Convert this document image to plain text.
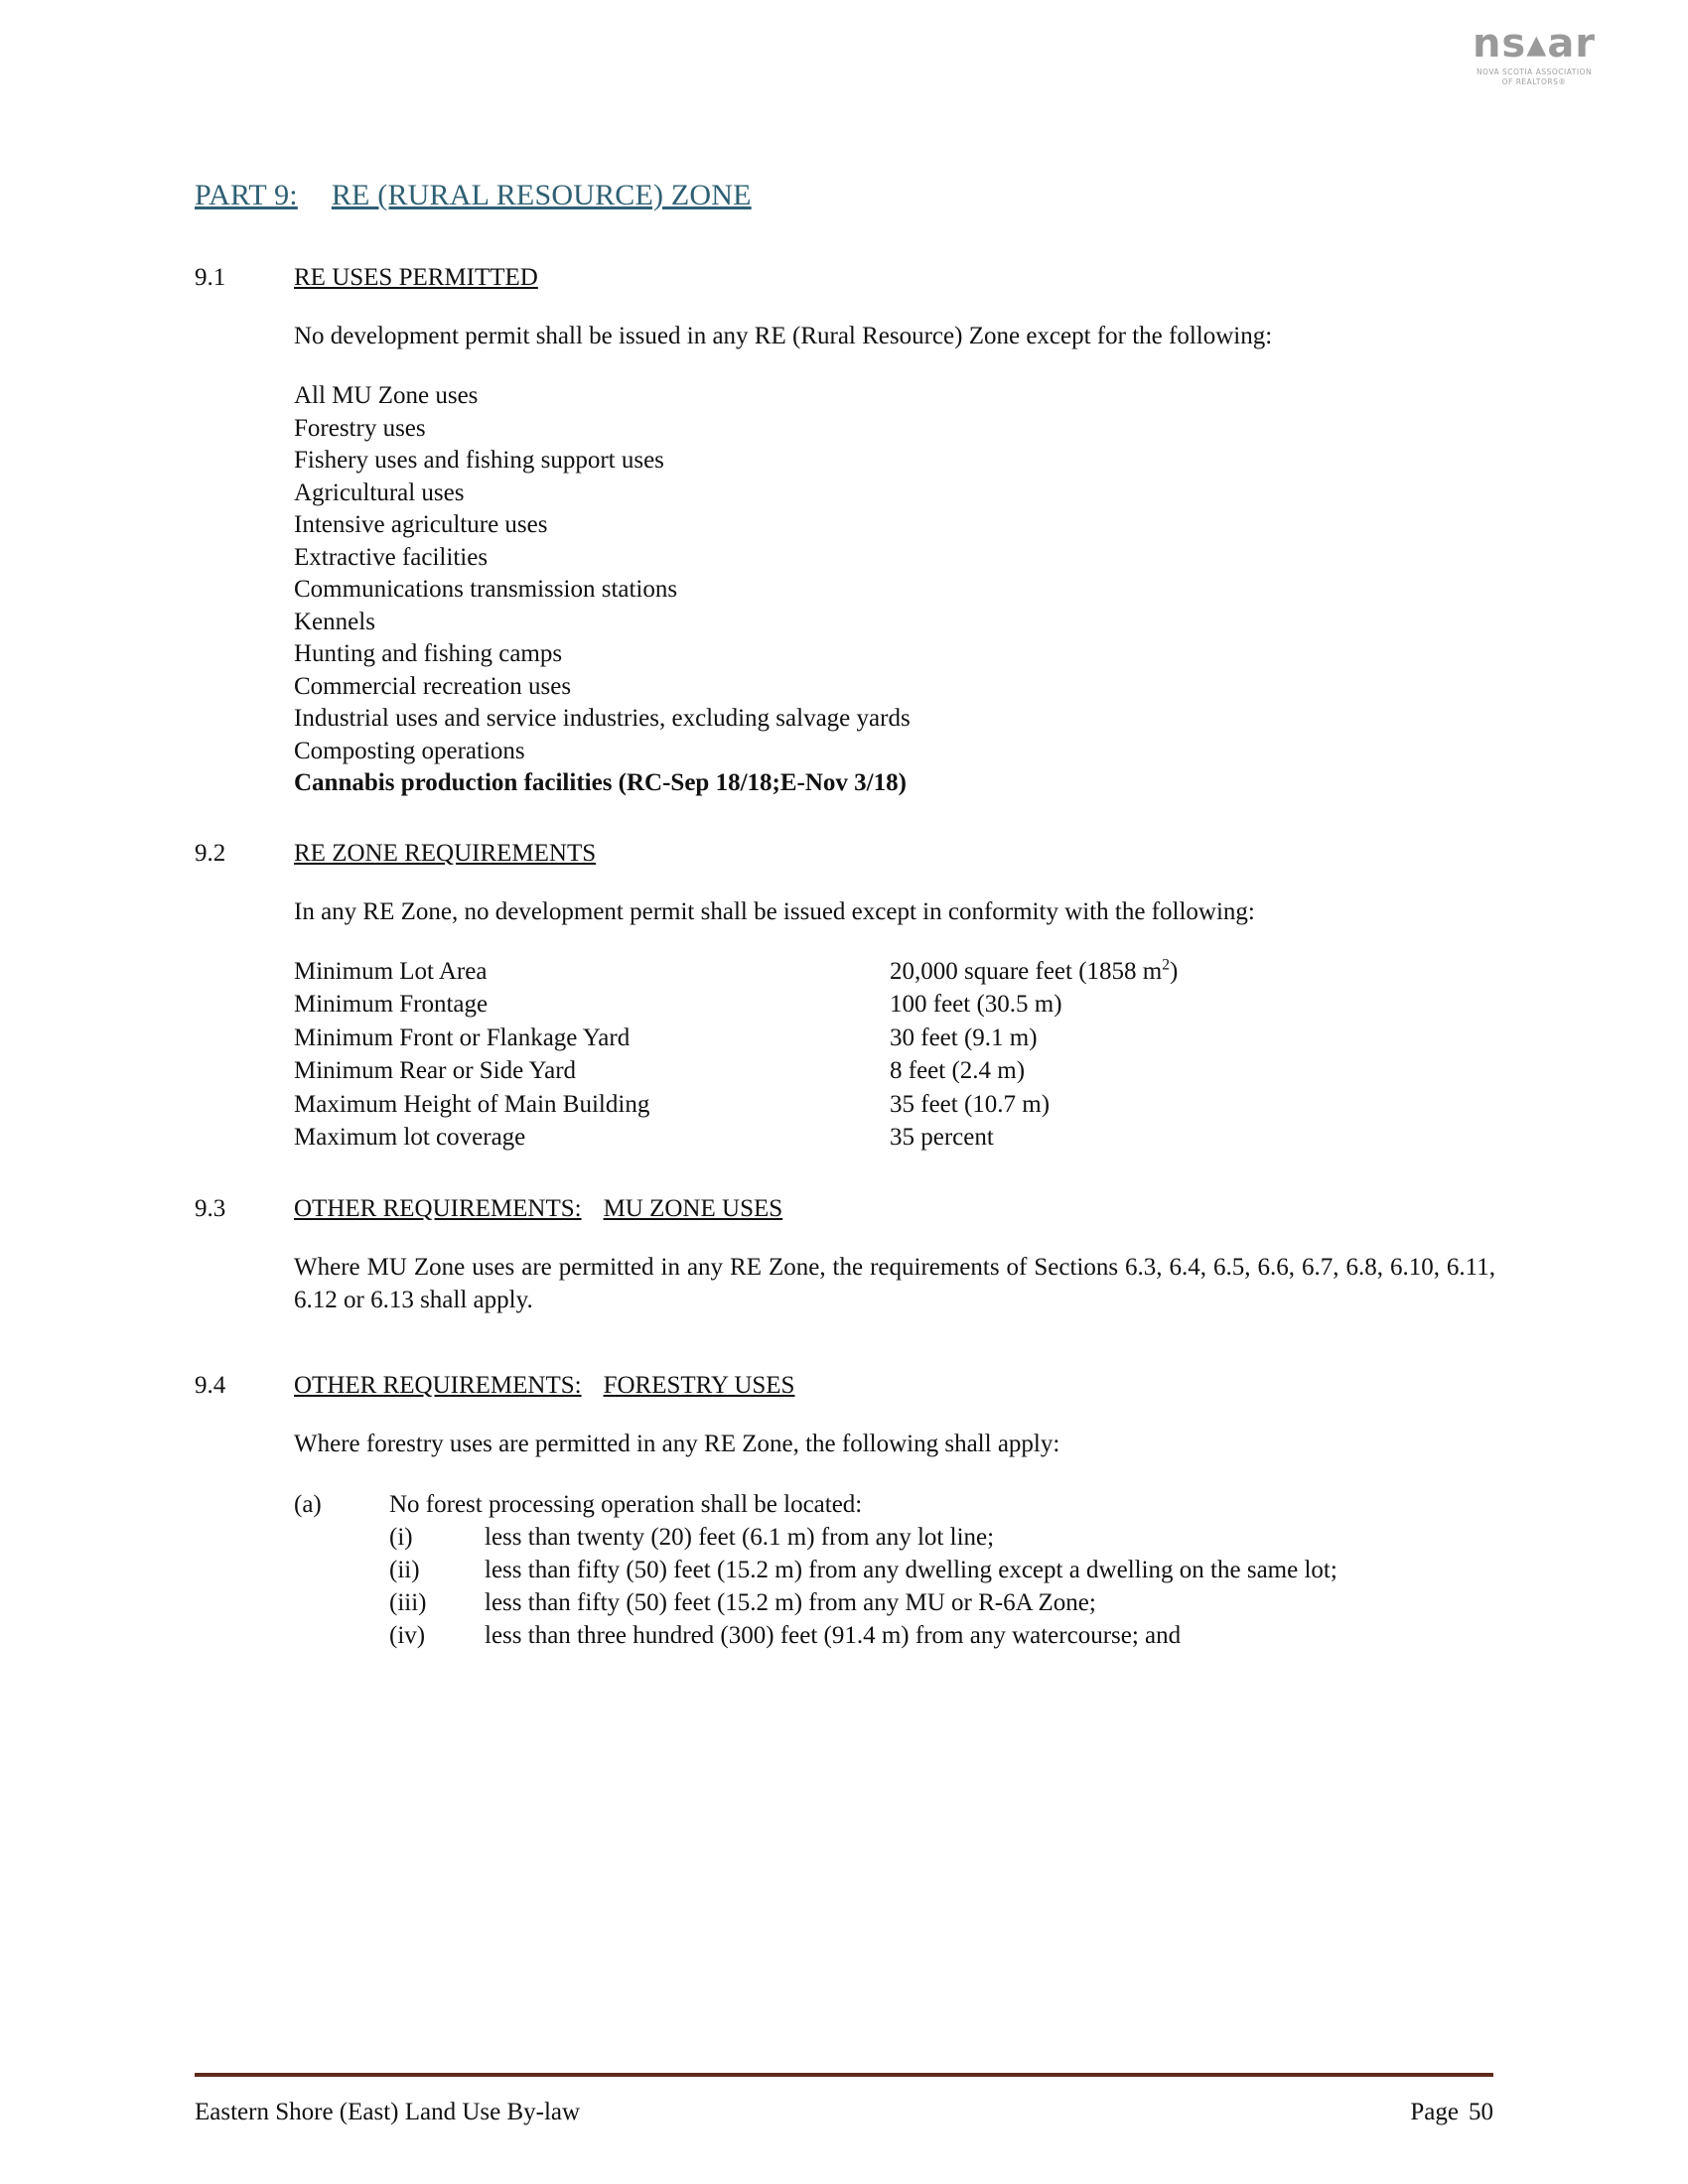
ns▴ar
NOVA SCOTIA ASSOCIATION
OF REALTORS®
PART 9: RE (RURAL RESOURCE) ZONE
9.1	RE USES PERMITTED

No development permit shall be issued in any RE (Rural Resource) Zone except for the following:

All MU Zone uses
Forestry uses
Fishery uses and fishing support uses
Agricultural uses
Intensive agriculture uses
Extractive facilities
Communications transmission stations
Kennels
Hunting and fishing camps
Commercial recreation uses
Industrial uses and service industries, excluding salvage yards
Composting operations
Cannabis production facilities (RC-Sep 18/18;E-Nov 3/18)
9.2	RE ZONE REQUIREMENTS

In any RE Zone, no development permit shall be issued except in conformity with the following:

Minimum Lot Area	20,000 square feet (1858 $m^2$)
Minimum Frontage	100 feet (30.5 m)
Minimum Front or Flankage Yard	30 feet (9.1 m)
Minimum Rear or Side Yard	8 feet (2.4 m)
Maximum Height of Main Building	35 feet (10.7 m)
Maximum lot coverage	35 percent
9.3	OTHER REQUIREMENTS: MU ZONE USES

Where MU Zone uses are permitted in any RE Zone, the requirements of Sections 6.3, 6.4, 6.5, 6.6, 6.7, 6.8, 6.10, 6.11, 6.12 or 6.13 shall apply.

9.4	OTHER REQUIREMENTS: FORESTRY USES

Where forestry uses are permitted in any RE Zone, the following shall apply:

(a)	No forest processing operation shall be located:
(i)	less than twenty (20) feet (6.1 m) from any lot line;
(ii)	less than fifty (50) feet (15.2 m) from any dwelling except a dwelling on the same lot;
(iii)	less than fifty (50) feet (15.2 m) from any MU or R-6A Zone;
(iv)	less than three hundred (300) feet (91.4 m) from any watercourse; and
Eastern Shore (East) Land Use By-law	Page 50
